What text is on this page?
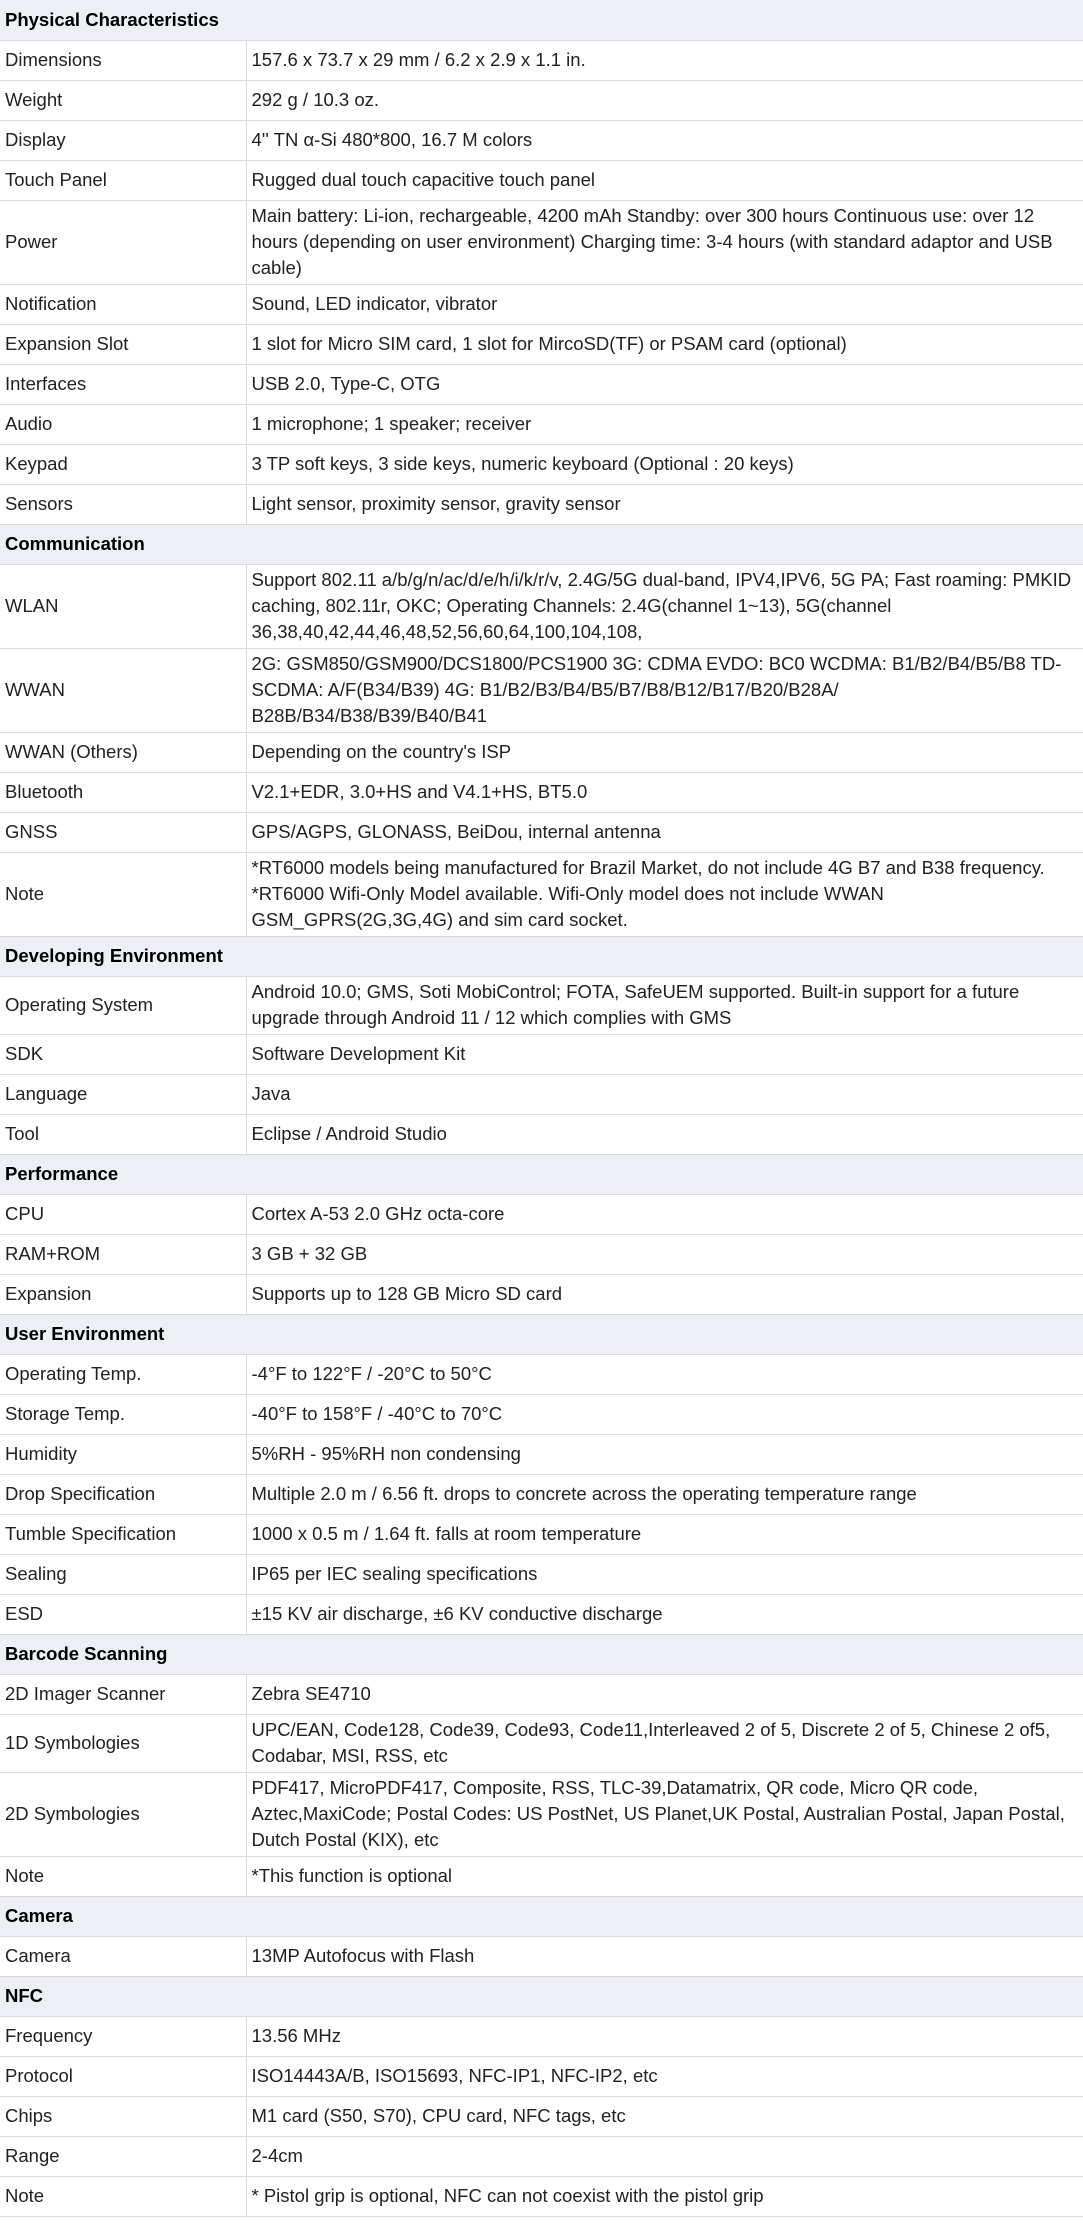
Physical Characteristics	
Dimensions	157.6 x 73.7 x 29 mm / 6.2 x 2.9 x 1.1 in.
Weight	292 g / 10.3 oz.
Display	4'' TN α-Si 480*800, 16.7 M colors
Touch Panel	Rugged dual touch capacitive touch panel
Power	Main battery: Li-ion, rechargeable, 4200 mAh Standby: over 300 hours Continuous use: over 12 hours (depending on user environment) Charging time: 3-4 hours (with standard adaptor and USB cable)
Notification	Sound, LED indicator, vibrator
Expansion Slot	1 slot for Micro SIM card, 1 slot for MircoSD(TF) or PSAM card (optional)
Interfaces	USB 2.0, Type-C, OTG
Audio	1 microphone; 1 speaker; receiver
Keypad	3 TP soft keys, 3 side keys, numeric keyboard (Optional : 20 keys)
Sensors	Light sensor, proximity sensor, gravity sensor
Communication	
WLAN	Support 802.11 a/b/g/n/ac/d/e/h/i/k/r/v, 2.4G/5G dual-band, IPV4,IPV6, 5G PA; Fast roaming: PMKID caching, 802.11r, OKC; Operating Channels: 2.4G(channel 1~13), 5G(channel 36,38,40,42,44,46,48,52,56,60,64,100,104,108,
WWAN	2G: GSM850/GSM900/DCS1800/PCS1900 3G: CDMA EVDO: BC0 WCDMA: B1/B2/B4/B5/B8 TD-SCDMA: A/F(B34/B39) 4G: B1/B2/B3/B4/B5/B7/B8/B12/B17/B20/B28A/ B28B/B34/B38/B39/B40/B41
WWAN (Others)	Depending on the country's ISP
Bluetooth	V2.1+EDR, 3.0+HS and V4.1+HS, BT5.0
GNSS	GPS/AGPS, GLONASS, BeiDou, internal antenna
Note	*RT6000 models being manufactured for Brazil Market, do not include 4G B7 and B38 frequency. *RT6000 Wifi-Only Model available. Wifi-Only model does not include WWAN GSM_GPRS(2G,3G,4G) and sim card socket.
Developing Environment	
Operating System	Android 10.0; GMS, Soti MobiControl; FOTA, SafeUEM supported. Built-in support for a future upgrade through Android 11 / 12 which complies with GMS
SDK	Software Development Kit
Language	Java
Tool	Eclipse / Android Studio
Performance	
CPU	Cortex A-53 2.0 GHz octa-core
RAM+ROM	3 GB + 32 GB
Expansion	Supports up to 128 GB Micro SD card
User Environment	
Operating Temp.	-4°F to 122°F / -20°C to 50°C
Storage Temp.	-40°F to 158°F / -40°C to 70°C
Humidity	5%RH - 95%RH non condensing
Drop Specification	Multiple 2.0 m / 6.56 ft. drops to concrete across the operating temperature range
Tumble Specification	1000 x 0.5 m / 1.64 ft. falls at room temperature
Sealing	IP65 per IEC sealing specifications
ESD	±15 KV air discharge, ±6 KV conductive discharge
Barcode Scanning	
2D Imager Scanner	Zebra SE4710
1D Symbologies	UPC/EAN, Code128, Code39, Code93, Code11,Interleaved 2 of 5, Discrete 2 of 5, Chinese 2 of5, Codabar, MSI, RSS, etc
2D Symbologies	PDF417, MicroPDF417, Composite, RSS, TLC-39,Datamatrix, QR code, Micro QR code, Aztec,MaxiCode; Postal Codes: US PostNet, US Planet,UK Postal, Australian Postal, Japan Postal, Dutch Postal (KIX), etc
Note	*This function is optional
Camera	
Camera	13MP Autofocus with Flash
NFC	
Frequency	13.56 MHz
Protocol	ISO14443A/B, ISO15693, NFC-IP1, NFC-IP2, etc
Chips	M1 card (S50, S70), CPU card, NFC tags, etc
Range	2-4cm
Note	* Pistol grip is optional, NFC can not coexist with the pistol grip
